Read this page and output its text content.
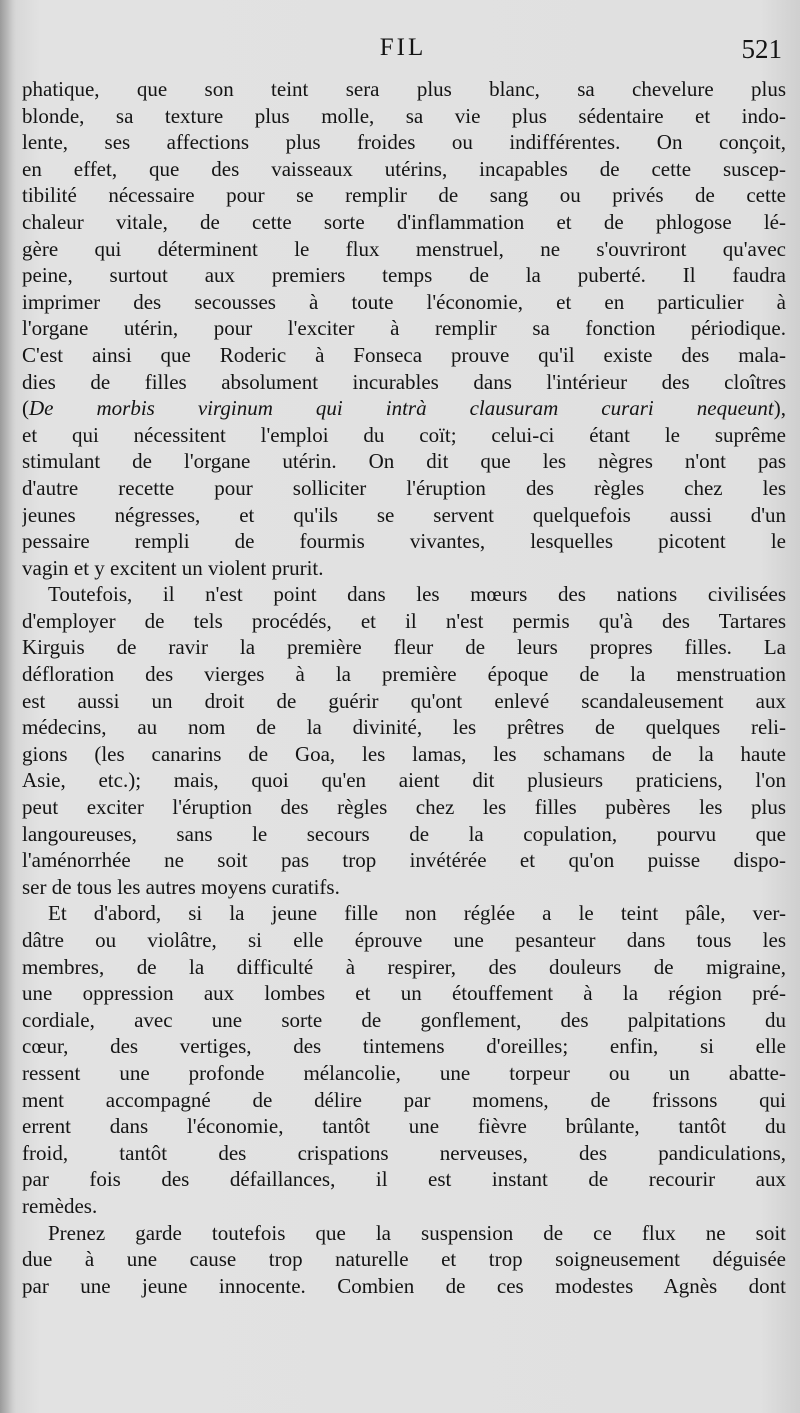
FIL	521
phatique, que son teint sera plus blanc, sa chevelure plus
blonde, sa texture plus molle, sa vie plus sédentaire et indo-
lente, ses affections plus froides ou indifférentes. On conçoit,
en effet, que des vaisseaux utérins, incapables de cette suscep-
tibilité nécessaire pour se remplir de sang ou privés de cette
chaleur vitale, de cette sorte d'inflammation et de phlogose lé-
gère qui déterminent le flux menstruel, ne s'ouvriront qu'avec
peine, surtout aux premiers temps de la puberté. Il faudra
imprimer des secousses à toute l'économie, et en particulier à
l'organe utérin, pour l'exciter à remplir sa fonction périodique.
C'est ainsi que Roderic à Fonseca prouve qu'il existe des mala-
dies de filles absolument incurables dans l'intérieur des cloîtres
(De morbis virginum qui intrà clausuram curari nequeunt),
et qui nécessitent l'emploi du coït; celui-ci étant le suprême
stimulant de l'organe utérin. On dit que les nègres n'ont pas
d'autre recette pour solliciter l'éruption des règles chez les
jeunes négresses, et qu'ils se servent quelquefois aussi d'un
pessaire rempli de fourmis vivantes, lesquelles picotent le
vagin et y excitent un violent prurit.
Toutefois, il n'est point dans les mœurs des nations civilisées
d'employer de tels procédés, et il n'est permis qu'à des Tartares
Kirguis de ravir la première fleur de leurs propres filles. La
défloration des vierges à la première époque de la menstruation
est aussi un droit de guérir qu'ont enlevé scandaleusement aux
médecins, au nom de la divinité, les prêtres de quelques reli-
gions (les canarins de Goa, les lamas, les schamans de la haute
Asie, etc.); mais, quoi qu'en aient dit plusieurs praticiens, l'on
peut exciter l'éruption des règles chez les filles pubères les plus
langoureuses, sans le secours de la copulation, pourvu que
l'aménorrhée ne soit pas trop invétérée et qu'on puisse dispo-
ser de tous les autres moyens curatifs.
Et d'abord, si la jeune fille non réglée a le teint pâle, ver-
dâtre ou violâtre, si elle éprouve une pesanteur dans tous les
membres, de la difficulté à respirer, des douleurs de migraine,
une oppression aux lombes et un étouffement à la région pré-
cordiale, avec une sorte de gonflement, des palpitations du
cœur, des vertiges, des tintemens d'oreilles; enfin, si elle
ressent une profonde mélancolie, une torpeur ou un abatte-
ment accompagné de délire par momens, de frissons qui
errent dans l'économie, tantôt une fièvre brûlante, tantôt du
froid, tantôt des crispations nerveuses, des pandiculations,
par fois des défaillances, il est instant de recourir aux
remèdes.
Prenez garde toutefois que la suspension de ce flux ne soit
due à une cause trop naturelle et trop soigneusement déguisée
par une jeune innocente. Combien de ces modestes Agnès dont
